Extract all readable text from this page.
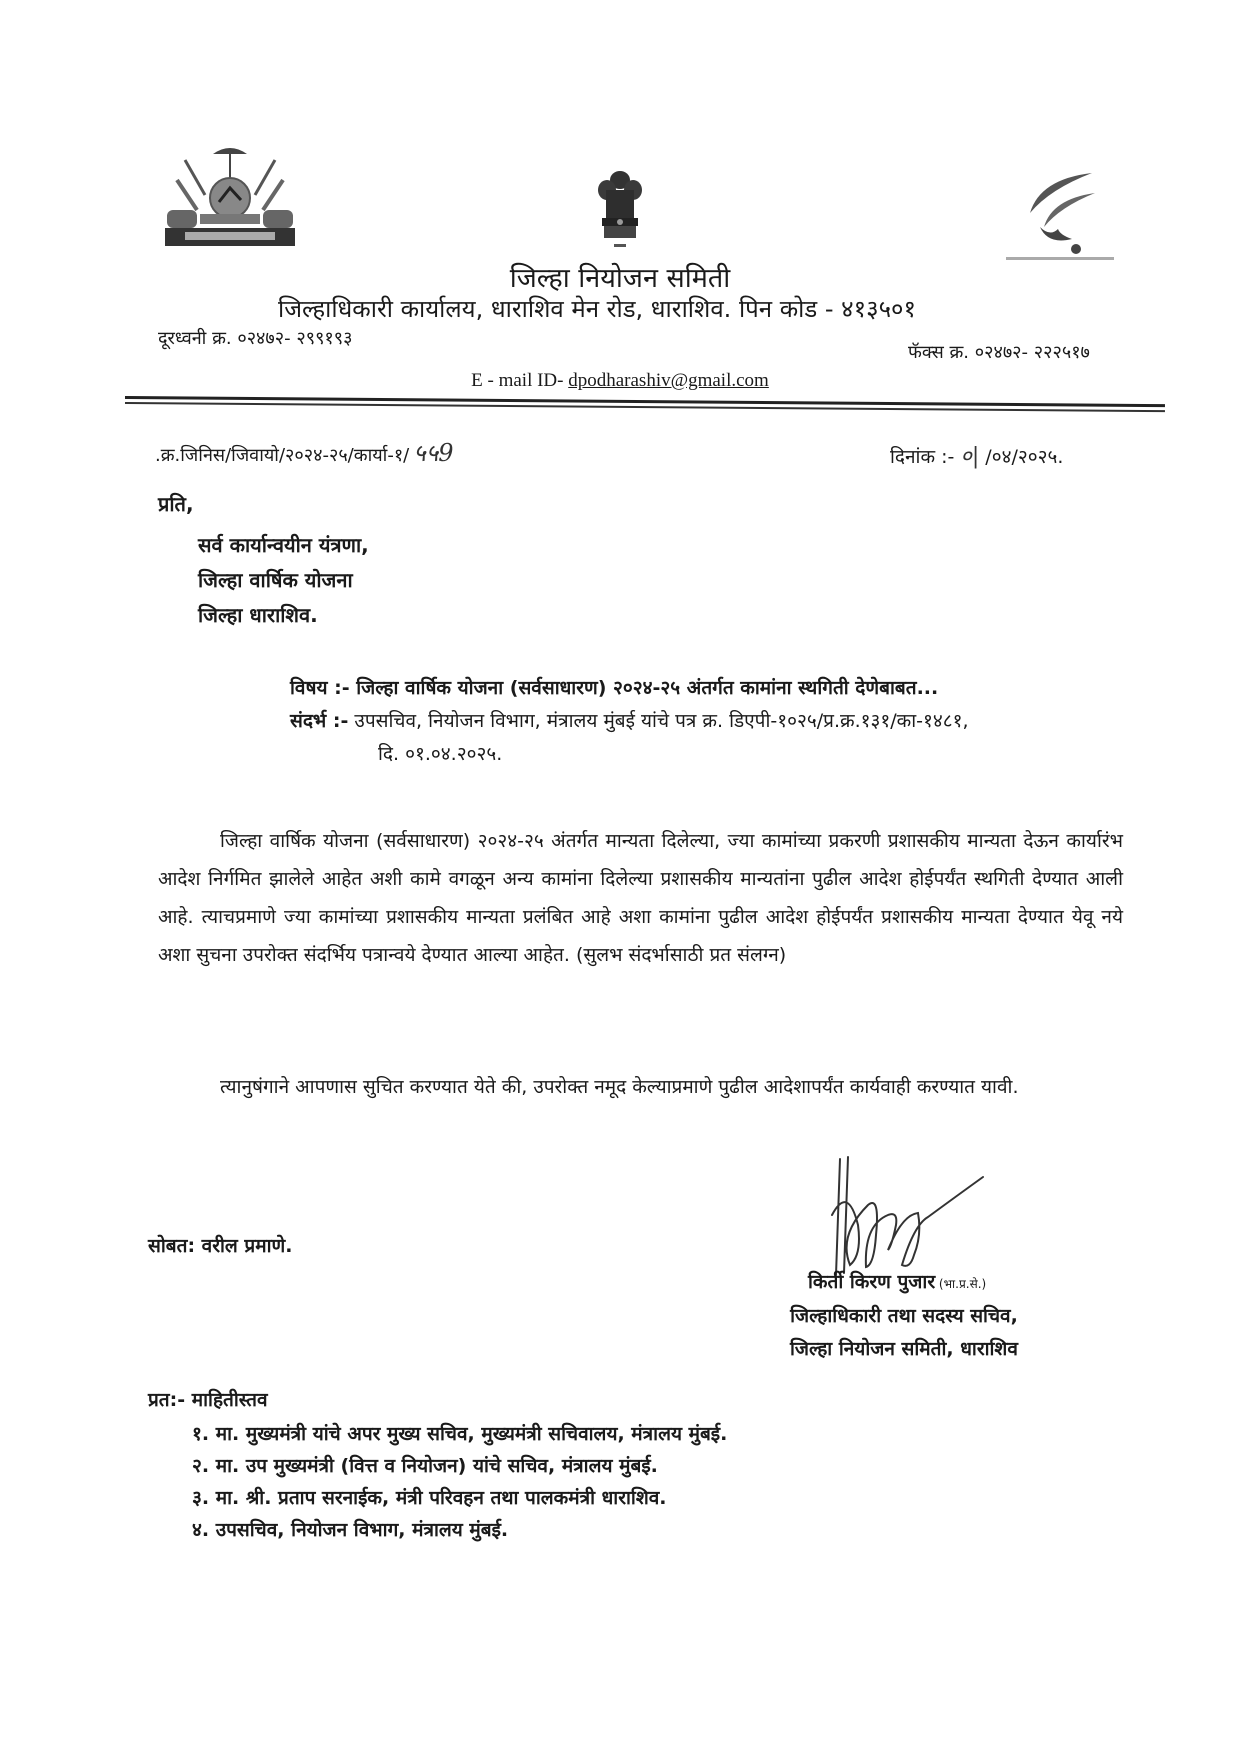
जिल्हा नियोजन समिती
जिल्हाधिकारी कार्यालय, धाराशिव मेन रोड, धाराशिव. पिन कोड - ४१३५०१
दूरध्वनी क्र. ०२४७२- २९९१९३
फॅक्स क्र. ०२४७२- २२२५१७
E - mail ID- dpodharashiv@gmail.com
.क्र.जिनिस/जिवायो/२०२४-२५/कार्या-१/ ५५9	दिनांक :- ०| /०४/२०२५.
प्रति,
सर्व कार्यान्वयीन यंत्रणा,
जिल्हा वार्षिक योजना
जिल्हा धाराशिव.
विषय :- जिल्हा वार्षिक योजना (सर्वसाधारण) २०२४-२५ अंतर्गत कामांना स्थगिती देणेबाबत...
संदर्भ :- उपसचिव, नियोजन विभाग, मंत्रालय मुंबई यांचे पत्र क्र. डिएपी-१०२५/प्र.क्र.१३१/का-१४८१,
दि. ०१.०४.२०२५.
जिल्हा वार्षिक योजना (सर्वसाधारण) २०२४-२५ अंतर्गत मान्यता दिलेल्या, ज्या कामांच्या प्रकरणी प्रशासकीय मान्यता देऊन कार्यारंभ आदेश निर्गमित झालेले आहेत अशी कामे वगळून अन्य कामांना दिलेल्या प्रशासकीय मान्यतांना पुढील आदेश होईपर्यंत स्थगिती देण्यात आली आहे. त्याचप्रमाणे ज्या कामांच्या प्रशासकीय मान्यता प्रलंबित आहे अशा कामांना पुढील आदेश होईपर्यंत प्रशासकीय मान्यता देण्यात येवू नये अशा सुचना उपरोक्त संदर्भिय पत्रान्वये देण्यात आल्या आहेत. (सुलभ संदर्भासाठी प्रत संलग्न)
त्यानुषंगाने आपणास सुचित करण्यात येते की, उपरोक्त नमूद केल्याप्रमाणे पुढील आदेशापर्यंत कार्यवाही करण्यात यावी.
सोबत: वरील प्रमाणे.
किर्ती किरण पुजार (भा.प्र.से.)
जिल्हाधिकारी तथा सदस्य सचिव,
जिल्हा नियोजन समिती, धाराशिव
प्रत:- माहितीस्तव
१. मा. मुख्यमंत्री यांचे अपर मुख्य सचिव, मुख्यमंत्री सचिवालय, मंत्रालय मुंबई.
२. मा. उप मुख्यमंत्री (वित्त व नियोजन) यांचे सचिव, मंत्रालय मुंबई.
३. मा. श्री. प्रताप सरनाईक, मंत्री परिवहन तथा पालकमंत्री धाराशिव.
४. उपसचिव, नियोजन विभाग, मंत्रालय मुंबई.
